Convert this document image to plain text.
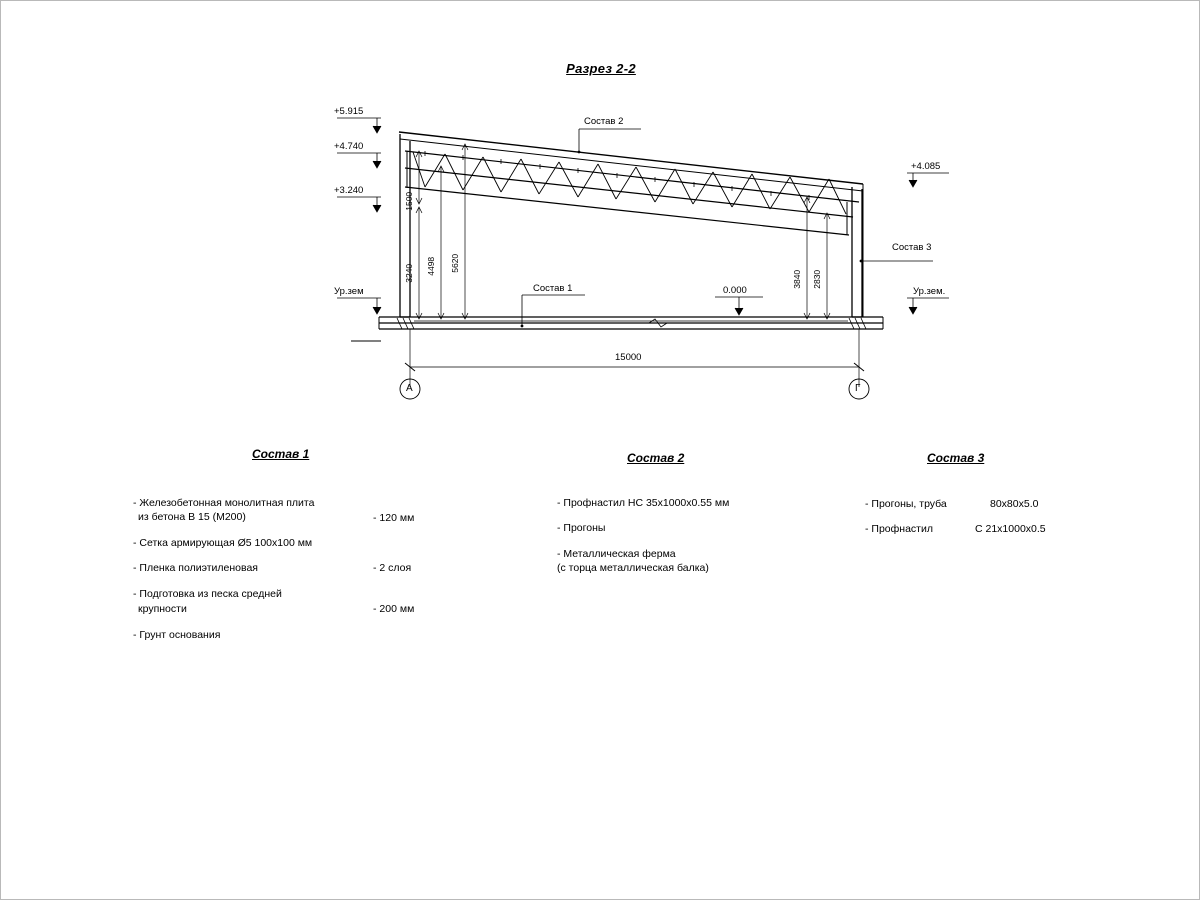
Разрез 2-2
+5.915
+4.740
+3.240
+4.085
0.000
Ур.зем	Ур.зем.
1500
3240 4498 5620
3840 2830
15000
А	Г
Состав 2
Состав 3
Состав 1
Состав 1
- Железобетонная монолитная плита
из бетона В 15 (М200)	- 120 мм
- Сетка армирующая Ø5 100х100 мм
- Пленка полиэтиленовая	- 2 слоя
- Подготовка из песка средней
крупности	- 200 мм
- Грунт основания
Состав 2
- Профнастил НС 35х1000х0.55 мм
- Прогоны
- Металлическая ферма
(с торца металлическая балка)
Состав 3
- Прогоны, труба	80х80х5.0
- Профнастил	С 21х1000х0.5
